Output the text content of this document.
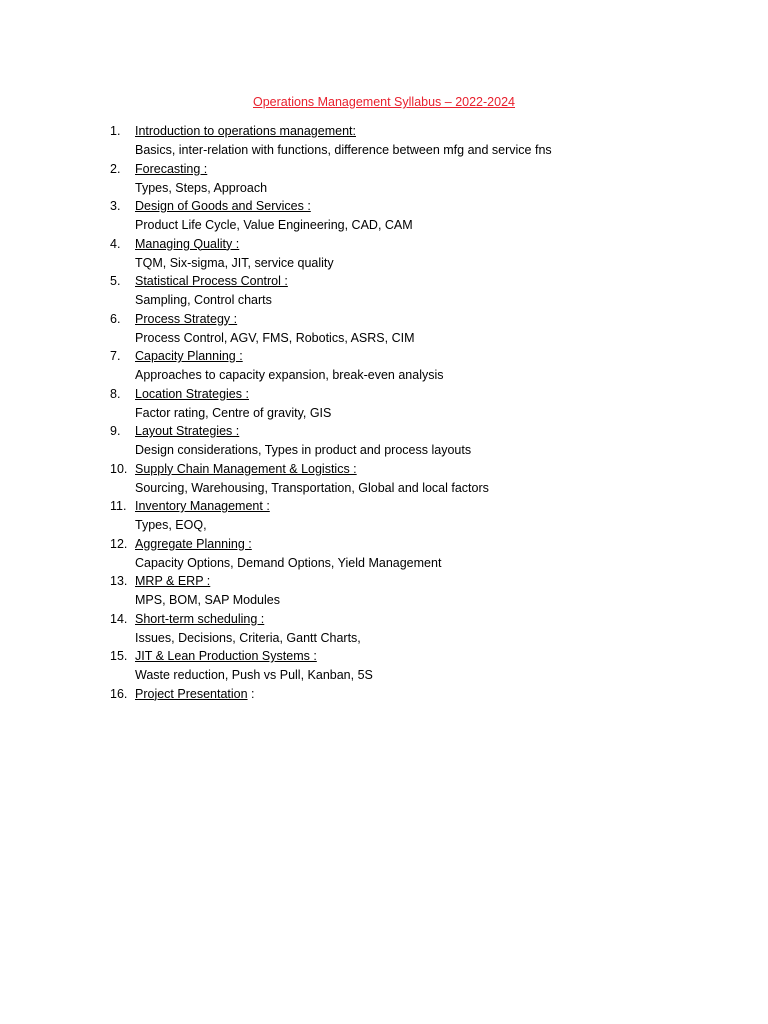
Operations Management Syllabus – 2022-2024
1.	Introduction to operations management:
Basics, inter-relation with functions, difference between mfg and service fns
2.	Forecasting :
Types, Steps, Approach
3.	Design of Goods and Services :
Product Life Cycle, Value Engineering, CAD, CAM
4.	Managing Quality :
TQM, Six-sigma, JIT, service quality
5.	Statistical Process Control :
Sampling, Control charts
6.	Process Strategy :
Process Control, AGV, FMS, Robotics, ASRS, CIM
7.	Capacity Planning :
Approaches to capacity expansion, break-even analysis
8.	Location Strategies :
Factor rating, Centre of gravity, GIS
9.	Layout Strategies :
Design considerations, Types in product and process layouts
10. Supply Chain Management & Logistics :
Sourcing, Warehousing, Transportation, Global and local factors
11. Inventory Management :
Types, EOQ,
12. Aggregate Planning :
Capacity Options, Demand Options, Yield Management
13. MRP & ERP :
MPS, BOM, SAP Modules
14. Short-term scheduling :
Issues, Decisions, Criteria, Gantt Charts,
15. JIT & Lean Production Systems :
Waste reduction, Push vs Pull, Kanban, 5S
16. Project Presentation :
